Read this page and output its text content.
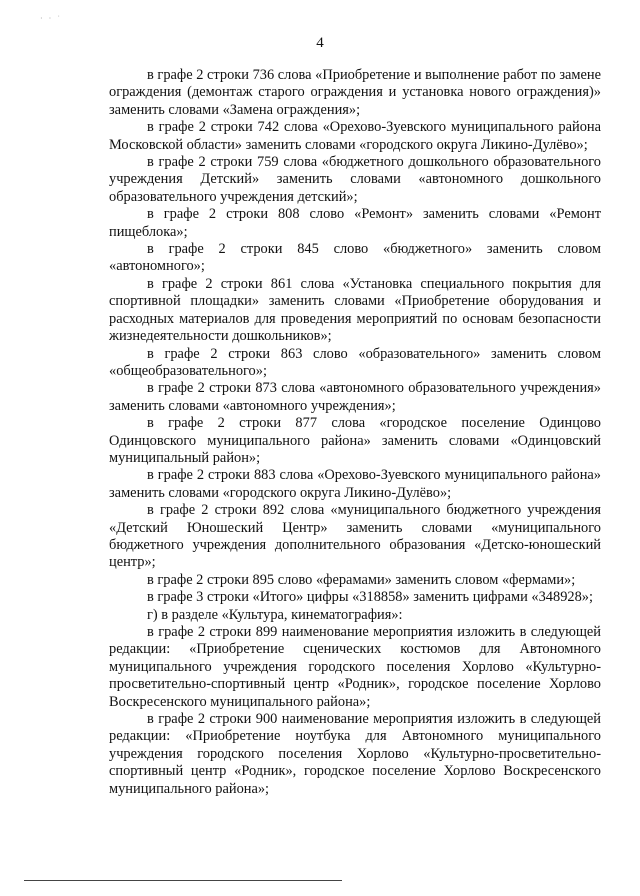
· · ˙
4

в графе 2 строки 736 слова «Приобретение и выполнение работ по замене ограждения (демонтаж старого ограждения и установка нового ограждения)» заменить словами «Замена ограждения»;

в графе 2 строки 742 слова «Орехово-Зуевского муниципального района Московской области» заменить словами «городского округа Ликино-Дулёво»;

в графе 2 строки 759 слова «бюджетного дошкольного образовательного учреждения Детский» заменить словами «автономного дошкольного образовательного учреждения детский»;

в графе 2 строки 808 слово «Ремонт» заменить словами «Ремонт пищеблока»;

в графе 2 строки 845 слово «бюджетного» заменить словом «автономного»;

в графе 2 строки 861 слова «Установка специального покрытия для спортивной площадки» заменить словами «Приобретение оборудования и расходных материалов для проведения мероприятий по основам безопасности жизнедеятельности дошкольников»;

в графе 2 строки 863 слово «образовательного» заменить словом «общеобразовательного»;

в графе 2 строки 873 слова «автономного образовательного учреждения» заменить словами «автономного учреждения»;

в графе 2 строки 877 слова «городское поселение Одинцово Одинцовского муниципального района» заменить словами «Одинцовский муниципальный район»;

в графе 2 строки 883 слова «Орехово-Зуевского муниципального района» заменить словами «городского округа Ликино-Дулёво»;

в графе 2 строки 892 слова «муниципального бюджетного учреждения «Детский Юношеский Центр» заменить словами «муниципального бюджетного учреждения дополнительного образования «Детско-юношеский центр»;

в графе 2 строки 895 слово «ферамами» заменить словом «фермами»;

в графе 3 строки «Итого» цифры «318858» заменить цифрами «348928»;

г) в разделе «Культура, кинематография»:

в графе 2 строки 899 наименование мероприятия изложить в следующей редакции: «Приобретение сценических костюмов для Автономного муниципального учреждения городского поселения Хорлово «Культурно-просветительно-спортивный центр «Родник», городское поселение Хорлово Воскресенского муниципального района»;

в графе 2 строки 900 наименование мероприятия изложить в следующей редакции: «Приобретение ноутбука для Автономного муниципального учреждения городского поселения Хорлово «Культурно-просветительно-спортивный центр «Родник», городское поселение Хорлово Воскресенского муниципального района»;
